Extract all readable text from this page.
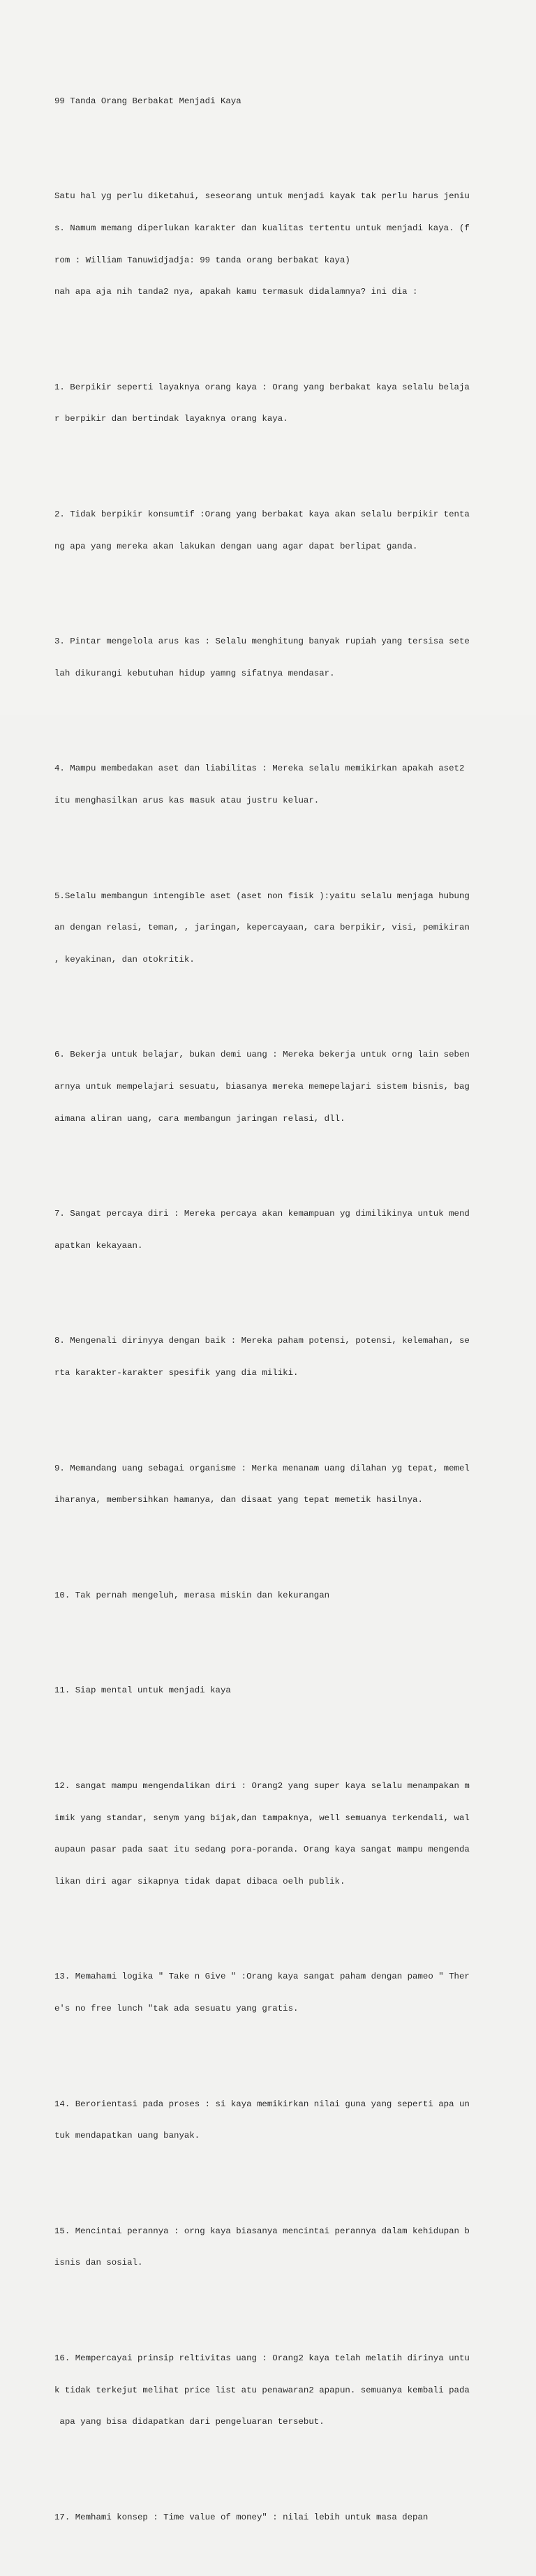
99 Tanda Orang Berbakat Menjadi Kaya

Satu hal yg perlu diketahui, seseorang untuk menjadi kayak tak perlu harus jeniu

s. Namum memang diperlukan karakter dan kualitas tertentu untuk menjadi kaya. (f

rom : William Tanuwidjadja: 99 tanda orang berbakat kaya)

nah apa aja nih tanda2 nya, apakah kamu termasuk didalamnya? ini dia :

1. Berpikir seperti layaknya orang kaya : Orang yang berbakat kaya selalu belaja

r berpikir dan bertindak layaknya orang kaya.

2. Tidak berpikir konsumtif :Orang yang berbakat kaya akan selalu berpikir tenta

ng apa yang mereka akan lakukan dengan uang agar dapat berlipat ganda.

3. Pintar mengelola arus kas : Selalu menghitung banyak rupiah yang tersisa sete

lah dikurangi kebutuhan hidup yamng sifatnya mendasar.

4. Mampu membedakan aset dan liabilitas : Mereka selalu memikirkan apakah aset2

itu menghasilkan arus kas masuk atau justru keluar.

5.Selalu membangun intengible aset (aset non fisik ):yaitu selalu menjaga hubung

an dengan relasi, teman, , jaringan, kepercayaan, cara berpikir, visi, pemikiran

, keyakinan, dan otokritik.

6. Bekerja untuk belajar, bukan demi uang : Mereka bekerja untuk orng lain seben

arnya untuk mempelajari sesuatu, biasanya mereka memepelajari sistem bisnis, bag

aimana aliran uang, cara membangun jaringan relasi, dll.

7. Sangat percaya diri : Mereka percaya akan kemampuan yg dimilikinya untuk mend

apatkan kekayaan.

8. Mengenali dirinyya dengan baik : Mereka paham potensi, potensi, kelemahan, se

rta karakter-karakter spesifik yang dia miliki.

9. Memandang uang sebagai organisme : Merka menanam uang dilahan yg tepat, memel

iharanya, membersihkan hamanya, dan disaat yang tepat memetik hasilnya.

10. Tak pernah mengeluh, merasa miskin dan kekurangan

11. Siap mental untuk menjadi kaya

12. sangat mampu mengendalikan diri : Orang2 yang super kaya selalu menampakan m

imik yang standar, senym yang bijak,dan tampaknya, well semuanya terkendali, wal

aupaun pasar pada saat itu sedang pora-poranda. Orang kaya sangat mampu mengenda

likan diri agar sikapnya tidak dapat dibaca oelh publik.

13. Memahami logika " Take n Give " :Orang kaya sangat paham dengan pameo " Ther

e's no free lunch "tak ada sesuatu yang gratis.

14. Berorientasi pada proses : si kaya memikirkan nilai guna yang seperti apa un

tuk mendapatkan uang banyak.

15. Mencintai perannya : orng kaya biasanya mencintai perannya dalam kehidupan b

isnis dan sosial.

16. Mempercayai prinsip reltivitas uang : Orang2 kaya telah melatih dirinya untu

k tidak terkejut melihat price list atu penawaran2 apapun. semuanya kembali pada

apa yang bisa didapatkan dari pengeluaran tersebut.

17. Memhami konsep : Time value of money" : nilai lebih untuk masa depan
